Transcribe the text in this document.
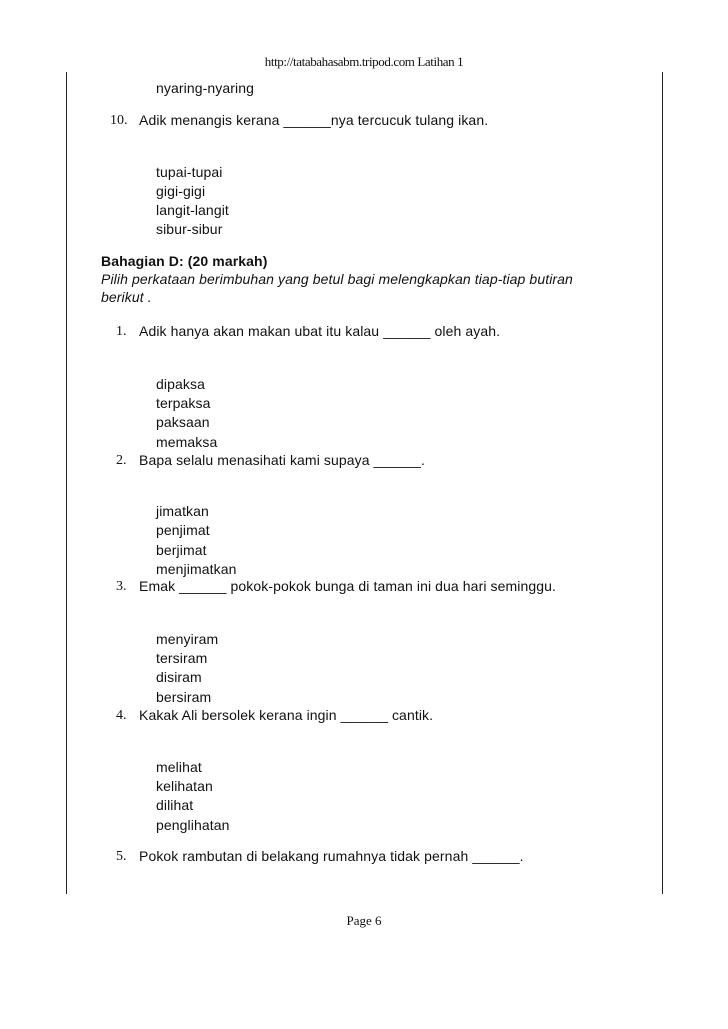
http://tatabahasabm.tripod.com Latihan 1
nyaring-nyaring
10. Adik menangis kerana ______nya tercucuk tulang ikan.
tupai-tupai
gigi-gigi
langit-langit
sibur-sibur
Bahagian D: (20 markah)
Pilih perkataan berimbuhan yang betul bagi melengkapkan tiap-tiap butiran
berikut .
1. Adik hanya akan makan ubat itu kalau ______ oleh ayah.
dipaksa
terpaksa
paksaan
memaksa
2. Bapa selalu menasihati kami supaya ______.
jimatkan
penjimat
berjimat
menjimatkan
3. Emak ______ pokok-pokok bunga di taman ini dua hari seminggu.
menyiram
tersiram
disiram
bersiram
4. Kakak Ali bersolek kerana ingin ______ cantik.
melihat
kelihatan
dilihat
penglihatan
5. Pokok rambutan di belakang rumahnya tidak pernah ______.
Page 6
